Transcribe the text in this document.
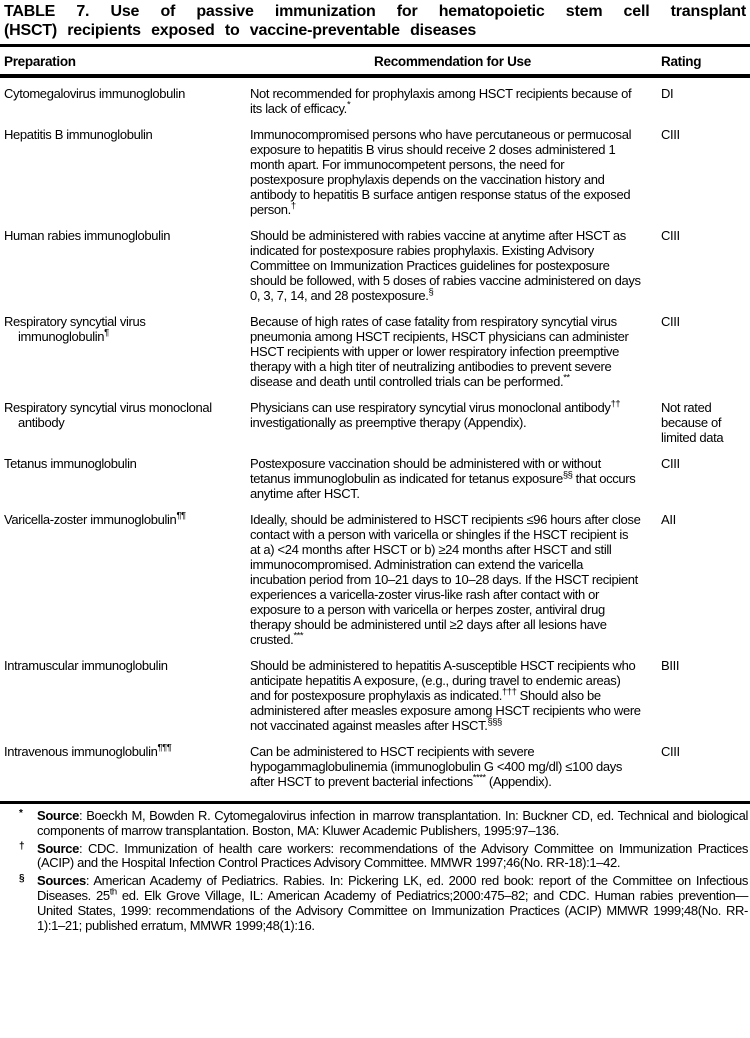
TABLE 7. Use of passive immunization for hematopoietic stem cell transplant
(HSCT) recipients exposed to vaccine-preventable diseases
Preparation	Recommendation for Use	Rating
Cytomegalovirus immunoglobulin	Not recommended for prophylaxis among HSCT recipients because of its lack of efficacy.*	DI
Hepatitis B immunoglobulin	Immunocompromised persons who have percutaneous or permucosal exposure to hepatitis B virus should receive 2 doses administered 1 month apart. For immunocompetent persons, the need for postexposure prophylaxis depends on the vaccination history and antibody to hepatitis B surface antigen response status of the exposed person.†	CIII
Human rabies immunoglobulin	Should be administered with rabies vaccine at anytime after HSCT as indicated for postexposure rabies prophylaxis. Existing Advisory Committee on Immunization Practices guidelines for postexposure should be followed, with 5 doses of rabies vaccine administered on days 0, 3, 7, 14, and 28 postexposure.§	CIII
Respiratory syncytial virus immunoglobulin¶	Because of high rates of case fatality from respiratory syncytial virus pneumonia among HSCT recipients, HSCT physicians can administer HSCT recipients with upper or lower respiratory infection preemptive therapy with a high titer of neutralizing antibodies to prevent severe disease and death until controlled trials can be performed.**	CIII
Respiratory syncytial virus monoclonal antibody	Physicians can use respiratory syncytial virus monoclonal antibody†† investigationally as preemptive therapy (Appendix).	Not rated because of limited data
Tetanus immunoglobulin	Postexposure vaccination should be administered with or without tetanus immunoglobulin as indicated for tetanus exposure§§ that occurs anytime after HSCT.	CIII
Varicella-zoster immunoglobulin¶¶	Ideally, should be administered to HSCT recipients ≤96 hours after close contact with a person with varicella or shingles if the HSCT recipient is at a) <24 months after HSCT or b) ≥24 months after HSCT and still immunocompromised. Administration can extend the varicella incubation period from 10–21 days to 10–28 days. If the HSCT recipient experiences a varicella-zoster virus-like rash after contact with or exposure to a person with varicella or herpes zoster, antiviral drug therapy should be administered until ≥2 days after all lesions have crusted.***	AII
Intramuscular immunoglobulin	Should be administered to hepatitis A-susceptible HSCT recipients who anticipate hepatitis A exposure, (e.g., during travel to endemic areas) and for postexposure prophylaxis as indicated.††† Should also be administered after measles exposure among HSCT recipients who were not vaccinated against measles after HSCT.§§§	BIII
Intravenous immunoglobulin¶¶¶	Can be administered to HSCT recipients with severe hypogammaglobulinemia (immunoglobulin G <400 mg/dl) ≤100 days after HSCT to prevent bacterial infections**** (Appendix).	CIII
* Source: Boeckh M, Bowden R. Cytomegalovirus infection in marrow transplantation. In: Buckner CD, ed. Technical and biological components of marrow transplantation. Boston, MA: Kluwer Academic Publishers, 1995:97–136.
† Source: CDC. Immunization of health care workers: recommendations of the Advisory Committee on Immunization Practices (ACIP) and the Hospital Infection Control Practices Advisory Committee. MMWR 1997;46(No. RR-18):1–42.
§ Sources: American Academy of Pediatrics. Rabies. In: Pickering LK, ed. 2000 red book: report of the Committee on Infectious Diseases. 25th ed. Elk Grove Village, IL: American Academy of Pediatrics;2000:475–82; and CDC. Human rabies prevention—United States, 1999: recommendations of the Advisory Committee on Immunization Practices (ACIP) MMWR 1999;48(No. RR-1):1–21; published erratum, MMWR 1999;48(1):16.
